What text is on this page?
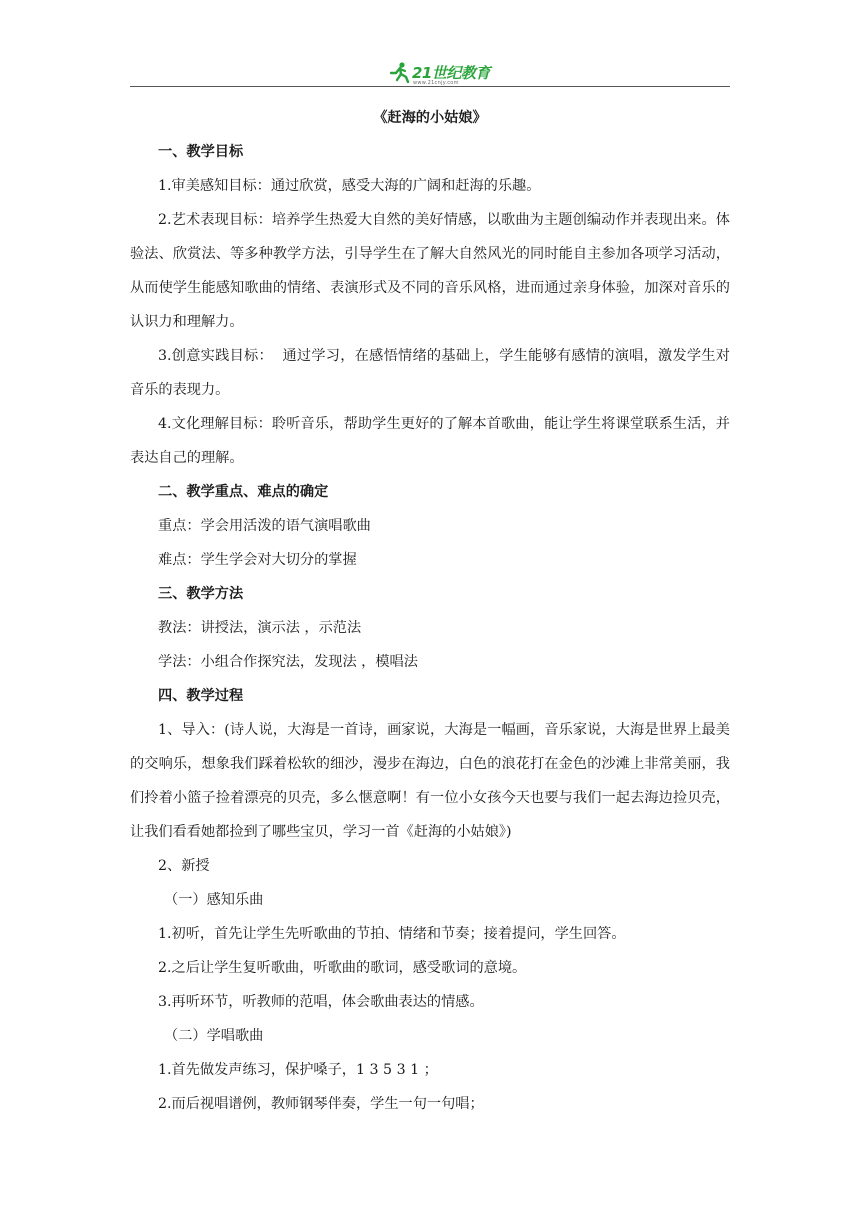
21世纪教育
www.21cnjy.com
《赶海的小姑娘》
一、教学目标
1.审美感知目标：通过欣赏，感受大海的广阔和赶海的乐趣。
2.艺术表现目标：培养学生热爱大自然的美好情感，以歌曲为主题创编动作并表现出来。体验法、欣赏法、等多种教学方法，引导学生在了解大自然风光的同时能自主参加各项学习活动，从而使学生能感知歌曲的情绪、表演形式及不同的音乐风格，进而通过亲身体验，加深对音乐的认识力和理解力。
3.创意实践目标：  通过学习，在感悟情绪的基础上，学生能够有感情的演唱，激发学生对音乐的表现力。
4.文化理解目标：聆听音乐，帮助学生更好的了解本首歌曲，能让学生将课堂联系生活，并表达自己的理解。
二、教学重点、难点的确定
重点：学会用活泼的语气演唱歌曲
难点：学生学会对大切分的掌握
三、教学方法
教法：讲授法，演示法 ，示范法
学法：小组合作探究法，发现法 ，模唱法
四、教学过程
1、导入：(诗人说，大海是一首诗，画家说，大海是一幅画，音乐家说，大海是世界上最美的交响乐，想象我们踩着松软的细沙，漫步在海边，白色的浪花打在金色的沙滩上非常美丽，我们拎着小篮子捡着漂亮的贝壳，多么惬意啊！有一位小女孩今天也要与我们一起去海边捡贝壳，让我们看看她都捡到了哪些宝贝，学习一首《赶海的小姑娘》)
2、新授
（一）感知乐曲
1.初听，首先让学生先听歌曲的节拍、情绪和节奏；接着提问，学生回答。
2.之后让学生复听歌曲，听歌曲的歌词，感受歌词的意境。
3.再听环节，听教师的范唱，体会歌曲表达的情感。
（二）学唱歌曲
1.首先做发声练习，保护嗓子，1 3 5 3 1 ；
2.而后视唱谱例，教师钢琴伴奏，学生一句一句唱；
